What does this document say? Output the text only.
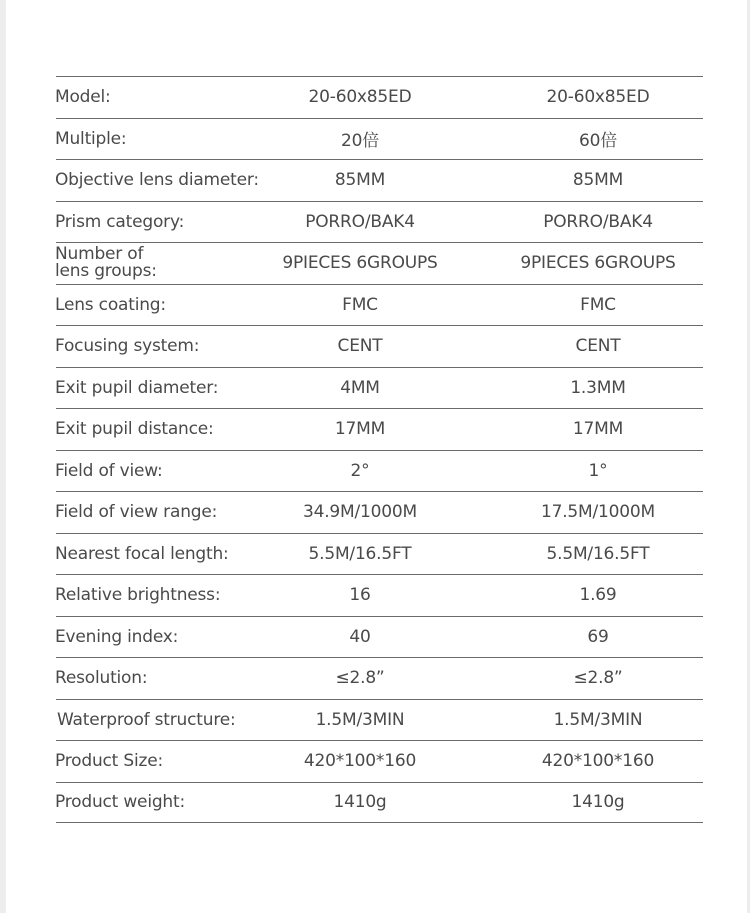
Model:	20-60x85ED	20-60x85ED
Multiple:	20倍	60倍
Objective lens diameter:	85MM	85MM
Prism category:	PORRO/BAK4	PORRO/BAK4
Number of
lens groups:	9PIECES 6GROUPS	9PIECES 6GROUPS
Lens coating:	FMC	FMC
Focusing system:	CENT	CENT
Exit pupil diameter:	4MM	1.3MM
Exit pupil distance:	17MM	17MM
Field of view:	2°	1°
Field of view range:	34.9M/1000M	17.5M/1000M
Nearest focal length:	5.5M/16.5FT	5.5M/16.5FT
Relative brightness:	16	1.69
Evening index:	40	69
Resolution:	≤2.8”	≤2.8”
Waterproof structure:	1.5M/3MIN	1.5M/3MIN
Product Size:	420*100*160	420*100*160
Product weight:	1410g	1410g
